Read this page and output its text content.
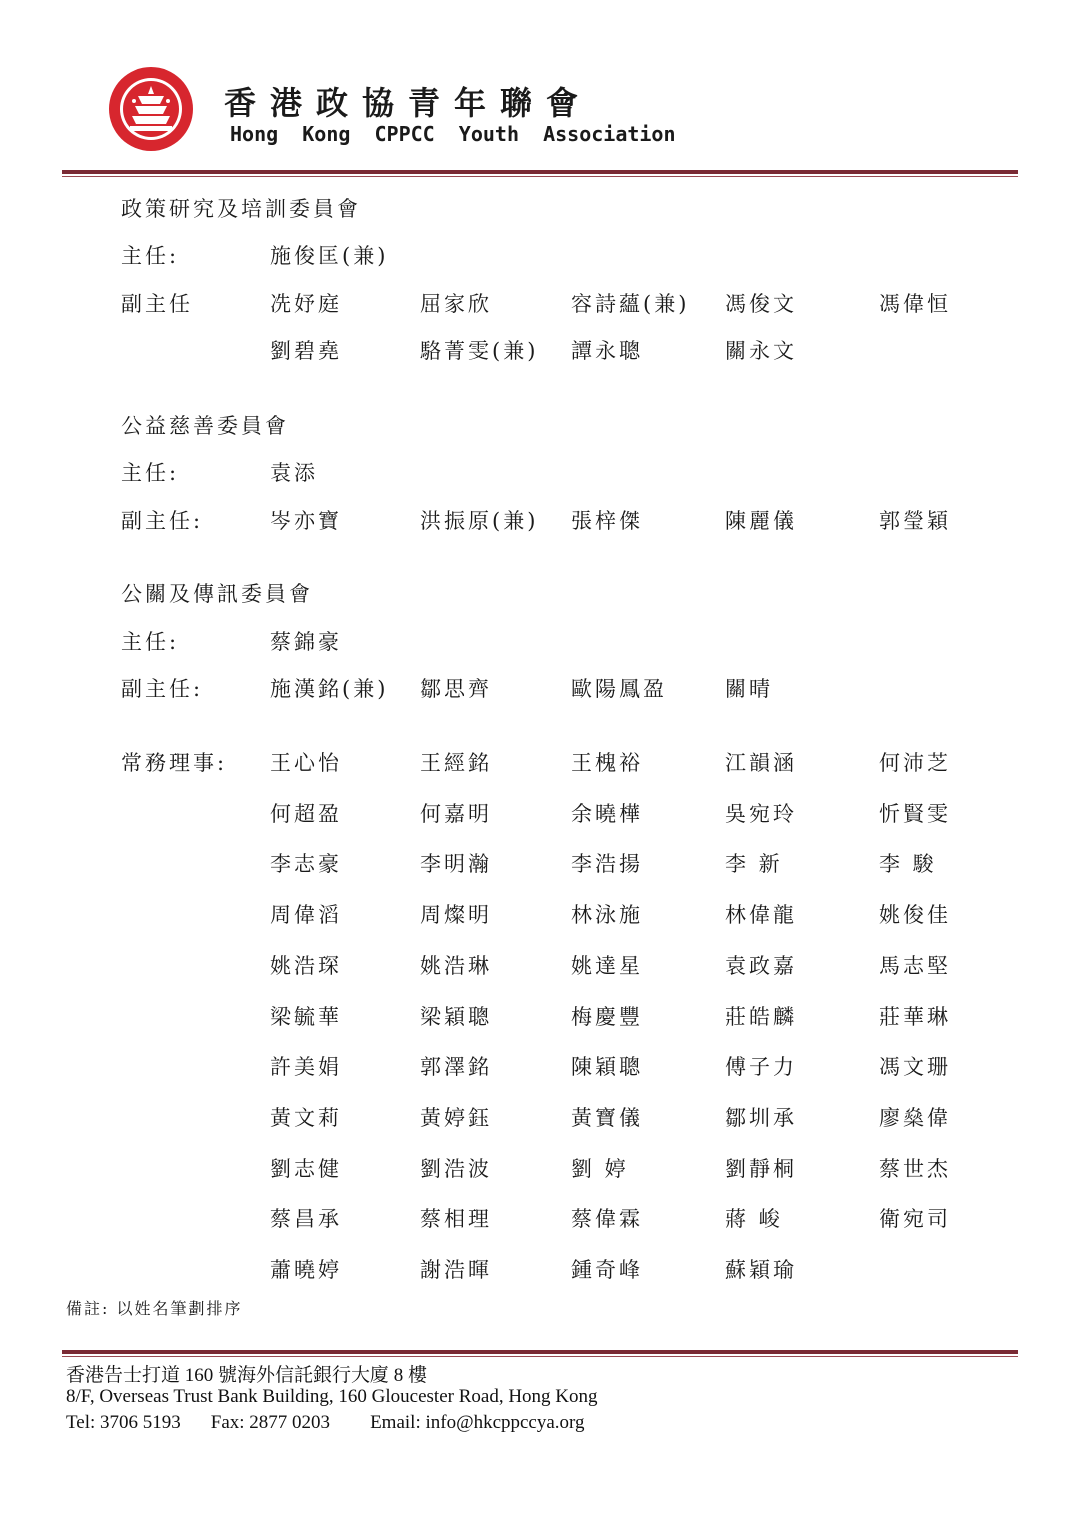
香港政協青年聯會
Hong  Kong  CPPCC  Youth  Association
政策研究及培訓委員會
主任:	施俊匡(兼)
副主任	冼妤庭	屈家欣	容詩蘊(兼) 馮俊文	馮偉恒
劉碧堯	駱菁雯(兼) 譚永聰	關永文
公益慈善委員會
主任:	袁添
副主任:	岑亦寶	洪振原(兼) 張梓傑	陳麗儀	郭瑩穎
公關及傳訊委員會
主任:	蔡錦豪
副主任:	施漢銘(兼) 鄒思齊	歐陽鳳盈	關晴
常務理事: 王心怡	王經銘	王槐裕	江韻涵	何沛芝
何超盈	何嘉明	余曉樺	吳宛玲	忻賢雯
李志豪	李明瀚	李浩揚	李 新	李 駿
周偉滔	周燦明	林泳施	林偉龍	姚俊佳
姚浩琛	姚浩琳	姚達星	袁政嘉	馬志堅
梁毓華	梁穎聰	梅慶豐	莊皓麟	莊華琳
許美娟	郭澤銘	陳穎聰	傅子力	馮文珊
黃文莉	黃婷鈺	黃寶儀	鄒圳承	廖燊偉
劉志健	劉浩波	劉 婷	劉靜桐	蔡世杰
蔡昌承	蔡相理	蔡偉霖	蔣 峻	衛宛司
蕭曉婷	謝浩暉	鍾奇峰	蘇穎瑜
備註: 以姓名筆劃排序
香港告士打道 160 號海外信託銀行大廈 8 樓
8/F, Overseas Trust Bank Building, 160 Gloucester Road, Hong Kong
Tel: 3706 5193 Fax: 2877 0203 Email: info@hkcppccya.org
